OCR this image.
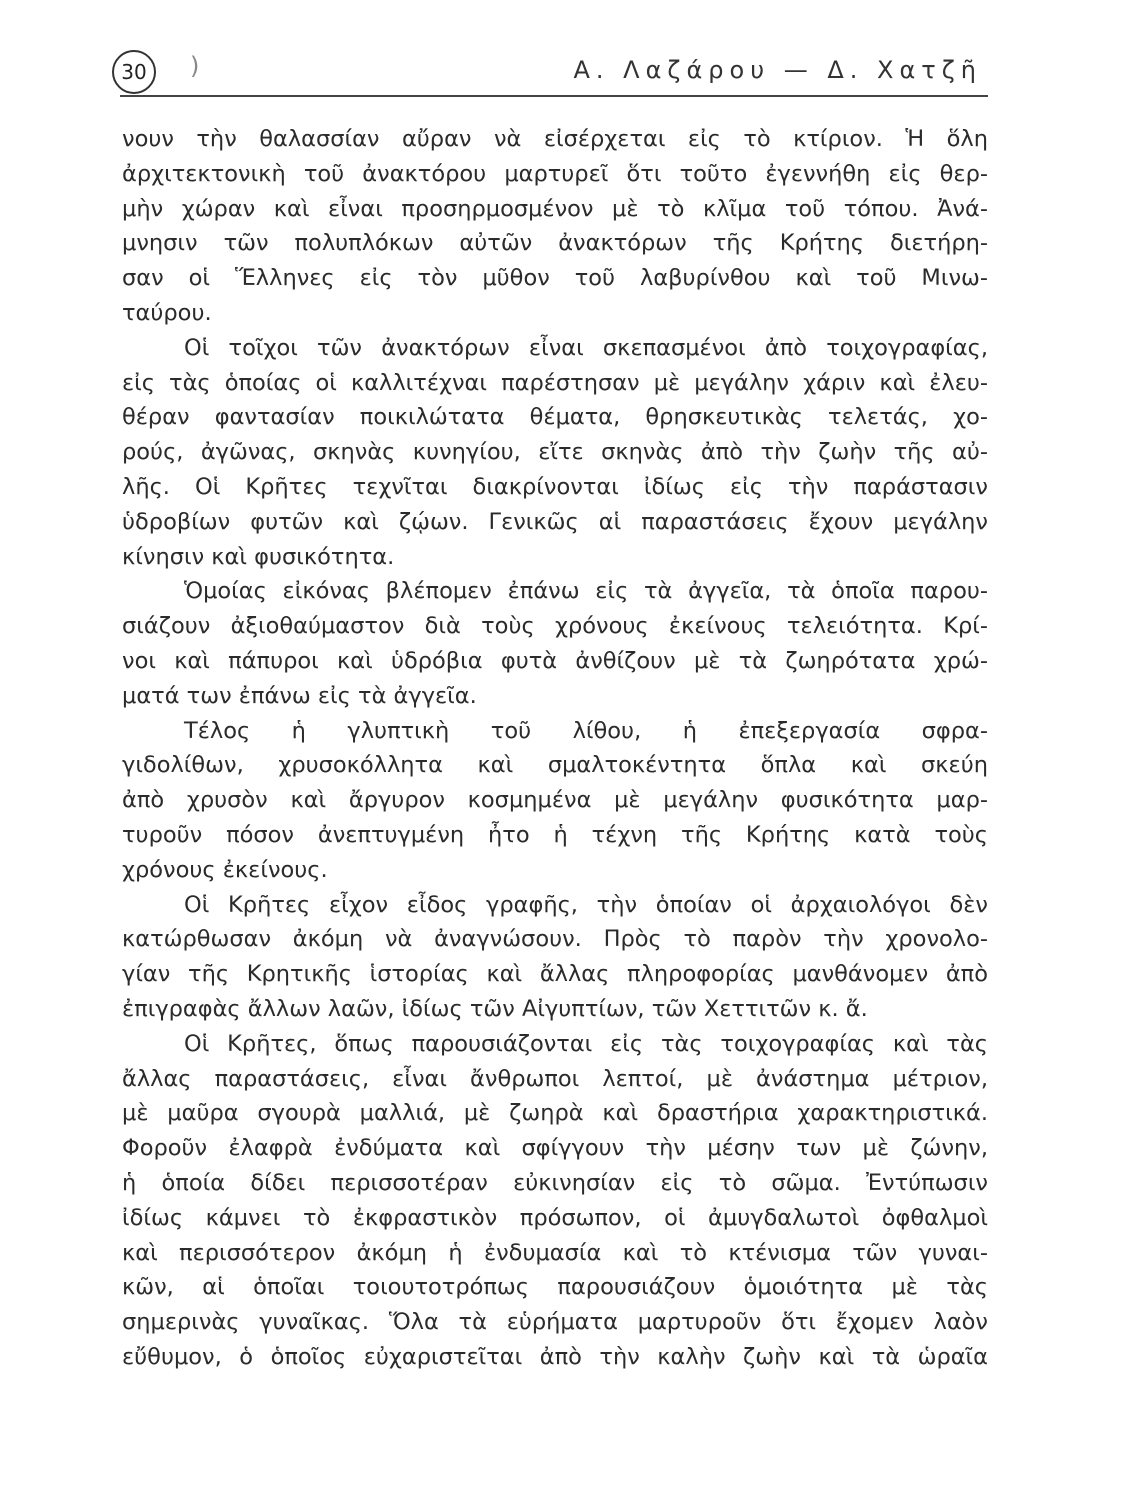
30	)	Α. Λαζάρου — Δ. Χατζῆ
νουν τὴν θαλασσίαν αὔραν νὰ εἰσέρχεται εἰς τὸ κτίριον. Ἡ ὅλη
ἀρχιτεκτονικὴ τοῦ ἀνακτόρου μαρτυρεῖ ὅτι τοῦτο ἐγεννήθη εἰς θερ-
μὴν χώραν καὶ εἶναι προσηρμοσμένον μὲ τὸ κλῖμα τοῦ τόπου. Ἀνά-
μνησιν τῶν πολυπλόκων αὐτῶν ἀνακτόρων τῆς Κρήτης διετήρη-
σαν οἱ Ἕλληνες εἰς τὸν μῦθον τοῦ λαβυρίνθου καὶ τοῦ Μινω-
ταύρου.
Οἱ τοῖχοι τῶν ἀνακτόρων εἶναι σκεπασμένοι ἀπὸ τοιχογραφίας,
εἰς τὰς ὁποίας οἱ καλλιτέχναι παρέστησαν μὲ μεγάλην χάριν καὶ ἐλευ-
θέραν φαντασίαν ποικιλώτατα θέματα, θρησκευτικὰς τελετάς, χο-
ρούς, ἀγῶνας, σκηνὰς κυνηγίου, εἴτε σκηνὰς ἀπὸ τὴν ζωὴν τῆς αὐ-
λῆς. Οἱ Κρῆτες τεχνῖται διακρίνονται ἰδίως εἰς τὴν παράστασιν
ὑδροβίων φυτῶν καὶ ζῴων. Γενικῶς αἱ παραστάσεις ἔχουν μεγάλην
κίνησιν καὶ φυσικότητα.
Ὁμοίας εἰκόνας βλέπομεν ἐπάνω εἰς τὰ ἀγγεῖα, τὰ ὁποῖα παρου-
σιάζουν ἀξιοθαύμαστον διὰ τοὺς χρόνους ἐκείνους τελειότητα. Κρί-
νοι καὶ πάπυροι καὶ ὑδρόβια φυτὰ ἀνθίζουν μὲ τὰ ζωηρότατα χρώ-
ματά των ἐπάνω εἰς τὰ ἀγγεῖα.
Τέλος ἡ γλυπτικὴ τοῦ λίθου, ἡ ἐπεξεργασία σφρα-
γιδολίθων, χρυσοκόλλητα καὶ σμαλτοκέντητα ὅπλα καὶ σκεύη
ἀπὸ χρυσὸν καὶ ἄργυρον κοσμημένα μὲ μεγάλην φυσικότητα μαρ-
τυροῦν πόσον ἀνεπτυγμένη ἦτο ἡ τέχνη τῆς Κρήτης κατὰ τοὺς
χρόνους ἐκείνους.
Οἱ Κρῆτες εἶχον εἶδος γραφῆς, τὴν ὁποίαν οἱ ἀρχαιολόγοι δὲν
κατώρθωσαν ἀκόμη νὰ ἀναγνώσουν. Πρὸς τὸ παρὸν τὴν χρονολο-
γίαν τῆς Κρητικῆς ἱστορίας καὶ ἄλλας πληροφορίας μανθάνομεν ἀπὸ
ἐπιγραφὰς ἄλλων λαῶν, ἰδίως τῶν Αἰγυπτίων, τῶν Χεττιτῶν κ. ἄ.
Οἱ Κρῆτες, ὅπως παρουσιάζονται εἰς τὰς τοιχογραφίας καὶ τὰς
ἄλλας παραστάσεις, εἶναι ἄνθρωποι λεπτοί, μὲ ἀνάστημα μέτριον,
μὲ μαῦρα σγουρὰ μαλλιά, μὲ ζωηρὰ καὶ δραστήρια χαρακτηριστικά.
Φοροῦν ἐλαφρὰ ἐνδύματα καὶ σφίγγουν τὴν μέσην των μὲ ζώνην,
ἡ ὁποία δίδει περισσοτέραν εὐκινησίαν εἰς τὸ σῶμα. Ἐντύπωσιν
ἰδίως κάμνει τὸ ἐκφραστικὸν πρόσωπον, οἱ ἀμυγδαλωτοὶ ὀφθαλμοὶ
καὶ περισσότερον ἀκόμη ἡ ἐνδυμασία καὶ τὸ κτένισμα τῶν γυναι-
κῶν, αἱ ὁποῖαι τοιουτοτρόπως παρουσιάζουν ὁμοιότητα μὲ τὰς
σημερινὰς γυναῖκας. Ὅλα τὰ εὑρήματα μαρτυροῦν ὅτι ἔχομεν λαὸν
εὔθυμον, ὁ ὁποῖος εὐχαριστεῖται ἀπὸ τὴν καλὴν ζωὴν καὶ τὰ ὡραῖα
